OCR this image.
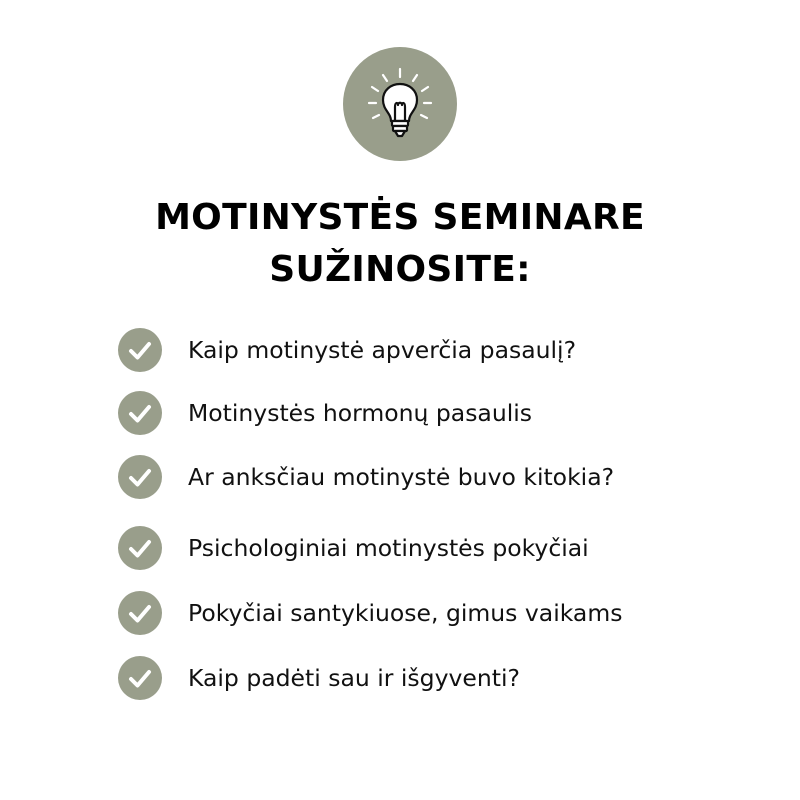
MOTINYSTĖS SEMINARE
SUŽINOSITE:
Kaip motinystė apverčia pasaulį?
Motinystės hormonų pasaulis
Ar anksčiau motinystė buvo kitokia?
Psichologiniai motinystės pokyčiai
Pokyčiai santykiuose, gimus vaikams
Kaip padėti sau ir išgyventi?
